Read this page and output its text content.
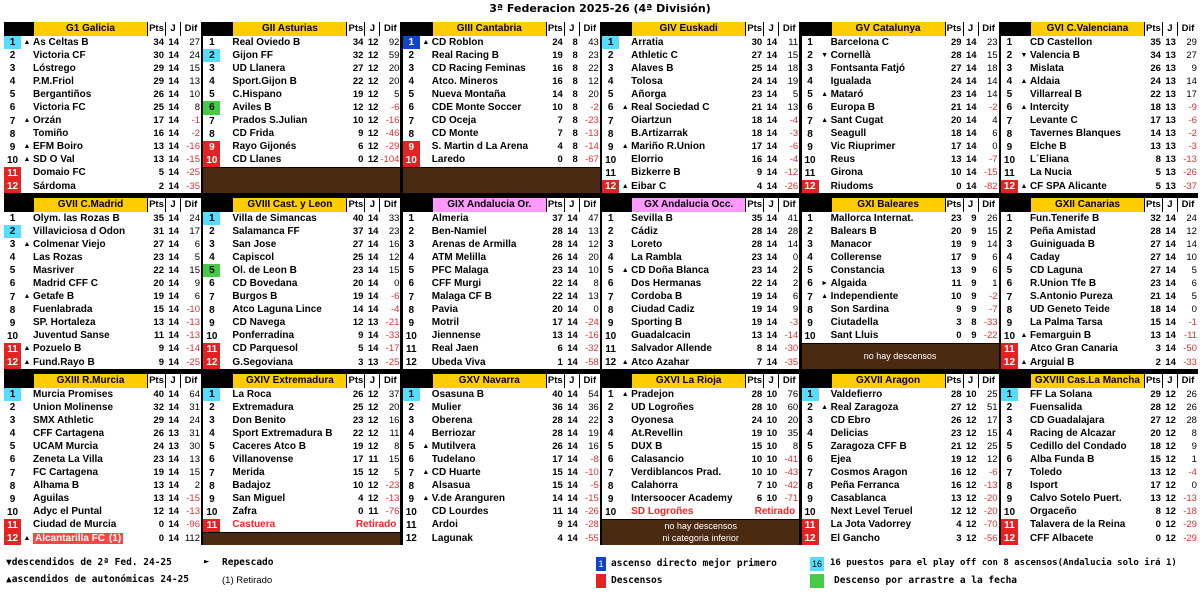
3ª Federacion 2025-26 (4ª División)
G1 Galicia	Pts J Dif
1	▲ As Celtas B	34 14	27
2	Victoria CF	30 14	24
3	Lóstrego	29 14	15
4	P.M.Friol	29 14	13
5	Bergantiños	26 14	10
6	Victoria FC	25 14	8
7	▲ Orzán	17 14	-1
8	Tomiño	16 14	-2
9	▲ EFM Boiro	13 14 -16
10 ▲ SD O Val	13 14 -15
11	Domaio FC	5 14 -25
12 Sárdoma	2 14 -35
GII Asturias	Pts J Dif
1	Real Oviedo B	34 12	92
2	Gijon FF	32 12	59
3	UD Llanera	27 12	20
4	Sport.Gijon B	22 12	20
5	C.Hispano	19 12	5
6	Aviles B	12 12	-6
7	Prados S.Julian	10 12 -16
8	CD Frida	9 12 -46
9	Rayo Gijonés	6 12 -29
10 CD Llanes	0 12 -104
GIII Cantabria	Pts J Dif
1	▲ CD Roblon	24	8	43
2	Real Racing B	19	8	23
3	CD Racing Feminas	16	8	22
4	Atco. Mineros	16	8	12
5	Nueva Montaña	14	8	20
6	CDE Monte Soccer	10	8	-2
7	CD Oceja	7	8 -23
8	CD Monte	7	8 -13
9	S. Martin d La Arena	4	8 -14
10 Laredo	0	8 -67
GIV Euskadi	Pts J Dif
1	Arratia	30 14	11
2	Athletic C	27 14	15
3	Alaves B	25 14	18
4	Tolosa	24 14	19
5	Añorga	23 14	5
6	▲ Real Sociedad C	21 14	13
7	Oiartzun	18 14	-4
8	B.Artizarrak	18 14	-3
9	▲ Mariño R.Union	17 14	-6
10 Elorrio	16 14	-4
11	Bizkerre B	9 14 -12
12 ▲ Eibar C	4 14 -26
GV Catalunya	Pts J Dif
1	Barcelona C	29 14	23
2	▼ Cornellà	28 14	15
3	Fontsanta Fatjó	27 14	18
4	Igualada	24 14	14
5	▲ Mataró	23 14	14
6	Europa B	21 14	-2
7	▲ Sant Cugat	20 14	4
8	Seagull	18 14	6
9	Vic Riuprimer	17 14	0
10 Reus	13 14	-7
11	Girona	10 14 -15
12 Riudoms	0 14 -82
GVI C.Valenciana	Pts J Dif
1	CD Castellon	35 13	29
2	▼ Valencia B	34 13	27
3	Mislata	26 13	9
4	▲ Aldaia	24 13	14
5	Villarreal B	22 13	17
6	▲ Intercity	18 13	-9
7	Levante C	17 13	-6
8	Tavernes Blanques	14 13	-2
9	Elche B	13 13	-3
10 L´Eliana	8 13 -13
11	La Nucia	5 13 -26
12 ▲ CF SPA Alicante	5 13 -37
GVII C.Madrid	Pts J Dif
1	Olym. las Rozas B	35 14	24
2	Villaviciosa d Odon	31 14	17
3	▲ Colmenar Viejo	27 14	6
4	Las Rozas	23 14	5
5	Masriver	22 14	15
6	Madrid CFF C	20 14	9
7	▲ Getafe B	19 14	6
8	Fuenlabrada	15 14 -10
9	SP. Hortaleza	13 14 -13
10 Juventud Sanse	11 14 -13
11 ▲ Pozuelo B	9 14 -14
12 ▲ Fund.Rayo B	9 14 -25
GVIII Cast. y Leon	Pts J Dif
1	Villa de Simancas	40 14	33
2	Salamanca FF	37 14	23
3	San Jose	27 14	16
4	Capiscol	25 14	12
5	Ol. de Leon B	23 14	15
6	CD Bovedana	20 14	0
7	Burgos B	19 14	-6
8	Atco Laguna Lince	14 14	-4
9	CD Navega	12 13 -21
10 Ponferradina	9 14 -33
11	CD Parquesol	5 14 -17
12 G.Segoviana	3 13 -25
GIX Andalucia Or.	Pts J Dif
1	Almeria	37 14	47
2	Ben-Namiel	28 14	13
3	Arenas de Armilla	28 14	12
4	ATM Melilla	26 14	20
5	PFC Malaga	23 14	10
6	CFF Murgi	22 14	8
7	Malaga CF B	22 14	13
8	Pavia	20 14	0
9	Motril	17 14 -24
10 Jiennense	13 14 -16
11	Real Jaen	6 14 -32
12 Ubeda Viva	1 14 -58
GX Andalucia Occ.	Pts J Dif
1	Sevilla B	35 14	41
2	Cádiz	28 14	28
3	Loreto	28 14	14
4	La Rambla	23 14	0
5	▲ CD Doña Blanca	23 14	2
6	Dos Hermanas	22 14	2
7	Cordoba B	19 14	6
8	Ciudad Cadiz	19 14	9
9	Sporting B	19 14	-3
10 Guadalcacin	13 14 -14
11	Salvador Allende	8 14 -30
12 ▲ Atco Azahar	7 14 -35
GXI Baleares	Pts J Dif
1	Mallorca Internat.	23	9	26
2	Balears B	20	9	15
3	Manacor	19	9	14
4	Collerense	17	9	6
5	Constancia	13	9	6
6	► Algaida	11	9	1
7	▲ Independiente	10	9	-2
8	Son Sardina	9	9	-7
9	Ciutadella	3	8 -33
10 Sant Lluis	0	9 -22
no hay descensos
GXII Canarias	Pts J Dif
1	Fun.Tenerife B	32 14	24
2	Peña Amistad	28 14	12
3	Guiniguada B	27 14	14
4	Caday	27 14	10
5	CD Laguna	27 14	5
6	R.Union Tfe B	23 14	6
7	S.Antonio Pureza	21 14	5
8	UD Geneto Teide	18 14	0
9	La Palma Tarsa	15 14	-1
10 ▲ Femarguin B	13 14 -11
11	Atco Gran Canaria	3 14 -50
12 ▲ Arguial B	2 14 -33
GXIII R.Murcia	Pts J Dif
1	Murcia Promises	40 14	64
2	Union Molinense	32 14	31
3	SMX Athletic	29 14	24
4	CFF Cartagena	26 13	31
5	UCAM Murcia	24 13	30
6	Zeneta La Villa	23 14	13
7	FC Cartagena	19 14	15
8	Alhama B	13 14	2
9	Aguilas	13 14 -15
10 Adyc el Puntal	12 14 -13
11	Ciudad de Murcia	0 14 -96
12 ▲ Alcantarilla FC (1)	0 14 112
GXIV Extremadura	Pts J Dif
1	La Roca	26 12	37
2	Extremadura	25 12	20
3	Don Benito	23 12	16
4	Sport Extremadura B	22 12	11
5	Caceres Atco B	19 12	8
6	Villanovense	17 11	15
7	Merida	15 12	5
8	Badajoz	10 12 -23
9	San Miguel	4 12 -13
10 Zafra	0 11 -76
11	Castuera	Retirado
GXV Navarra	Pts J Dif
1	Osasuna B	40 14	54
2	Mulier	36 14	36
3	Oberena	28 14	22
4	Berriozar	28 14	19
5	▲ Mutilvera	26 14	16
6	Tudelano	17 14	-8
7	▲ CD Huarte	15 14 -10
8	Alsasua	15 14	-5
9	▲ V.de Aranguren	14 14 -15
10 CD Lourdes	11 14 -26
11	Ardoi	9 14 -28
12 Lagunak	4 14 -55
GXVI La Rioja	Pts J Dif
1	▲ Pradejon	28 10	76
2	UD Logroñes	28 10	60
3	Oyonesa	24 10	20
4	At.Revellin	19 10	35
5	DUX B	15 10	8
6	Calasancio	10 10 -41
7	Verdiblancos Prad.	10 10 -43
8	Calahorra	7 10 -42
9	Intersoocer Academy	6 10 -71
10 SD Logroñes	Retirado
no hay descensos
ni categoria inferior
GXVII Aragon	Pts J Dif
1	Valdefierro	28 10	25
2	▲ Real Zaragoza	27 12	51
3	CD Ebro	26 12	17
4	Delicias	23 12	15
5	Zaragoza CFF B	21 12	25
6	Ejea	19 12	12
7	Cosmos Aragon	16 12	-6
8	Peña Ferranca	16 12 -13
9	Casablanca	13 12 -20
10 Next Level Teruel	12 12 -20
11	La Jota Vadorrey	4 12 -70
12 El Gancho	3 12 -56
GXVIII Cas.La Mancha Pts J Dif
1	FF La Solana	29 12	26
2	Fuensalida	28 12	26
3	CD Guadalajara	27 12	28
4	Racing de Alcazar	20 12	8
5	Cedillo del Condado	18 12	9
6	Alba Funda B	15 12	1
7	Toledo	13 12	-4
8	Isport	17 12	0
9	Calvo Sotelo Puert.	13 12 -13
10 Orgaceño	8 12 -18
11	Talavera de la Reina	0 12 -29
12 CFF Albacete	0 12 -29
▼descendidos de 2ª Fed. 24-25
▲ascendidos de autonómicas 24-25
► Repescado
(1) Retirado
1 ascenso directo mejor primero
Descensos
16 16 puestos para el play off con 8 ascensos(Andalucia solo irá 1)
Descenso por arrastre a la fecha
